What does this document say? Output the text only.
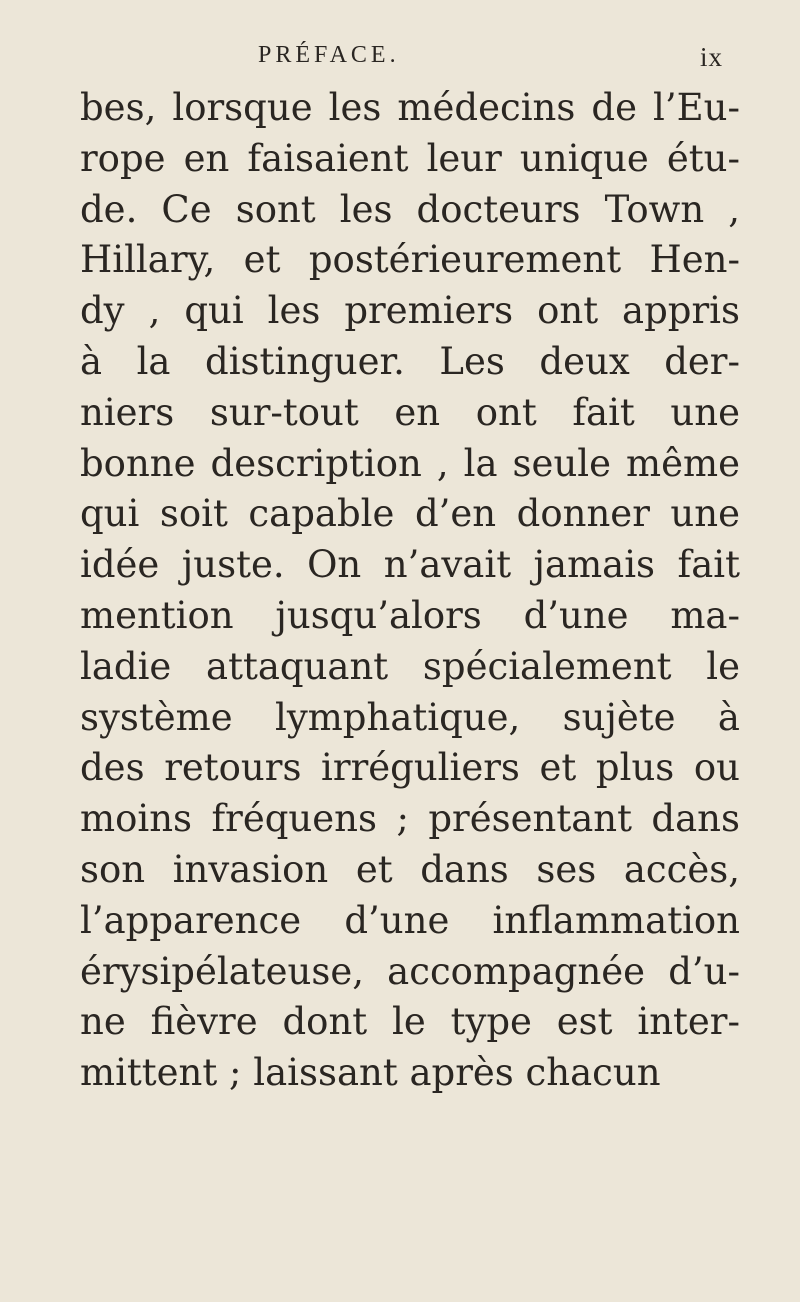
PRÉFACE.	ix
bes, lorsque les médecins de l’Eu-
rope en faisaient leur unique étu-
de. Ce sont les docteurs Town ,
Hillary, et postérieurement Hen-
dy , qui les premiers ont appris
à la distinguer. Les deux der-
niers sur-tout en ont fait une
bonne description , la seule même
qui soit capable d’en donner une
idée juste. On n’avait jamais fait
mention jusqu’alors d’une ma-
ladie attaquant spécialement le
système lymphatique, sujète à
des retours irréguliers et plus ou
moins fréquens ; présentant dans
son invasion et dans ses accès,
l’apparence d’une inflammation
érysipélateuse, accompagnée d’u-
ne fièvre dont le type est inter-
mittent ; laissant après chacun
